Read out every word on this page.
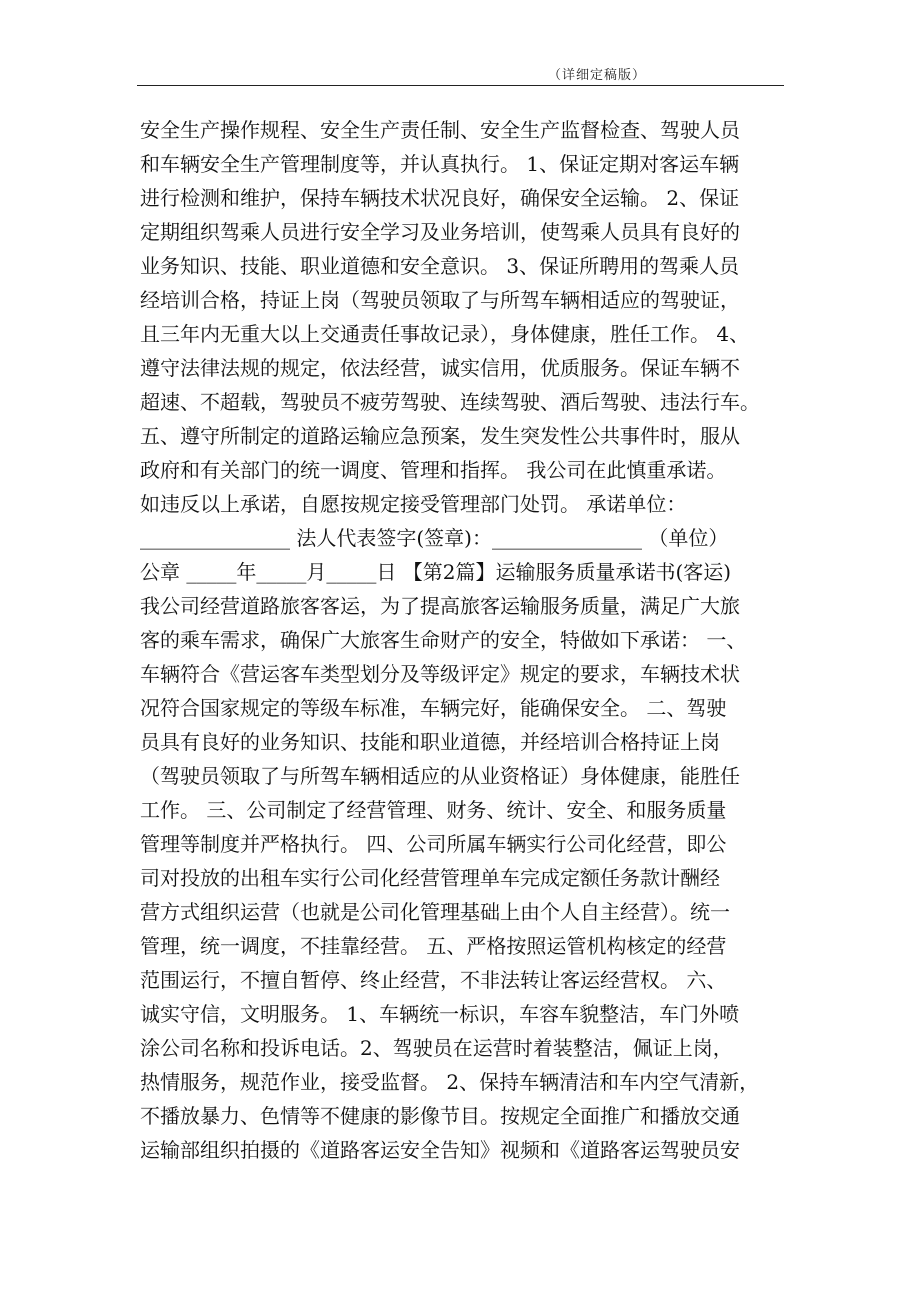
（详细定稿版）
安全生产操作规程、安全生产责任制、安全生产监督检查、驾驶人员
和车辆安全生产管理制度等，并认真执行。 1、保证定期对客运车辆
进行检测和维护，保持车辆技术状况良好，确保安全运输。 2、保证
定期组织驾乘人员进行安全学习及业务培训，使驾乘人员具有良好的
业务知识、技能、职业道德和安全意识。 3、保证所聘用的驾乘人员
经培训合格，持证上岗（驾驶员领取了与所驾车辆相适应的驾驶证，
且三年内无重大以上交通责任事故记录），身体健康，胜任工作。 4、
遵守法律法规的规定，依法经营，诚实信用，优质服务。保证车辆不
超速、不超载，驾驶员不疲劳驾驶、连续驾驶、酒后驾驶、违法行车。
五、遵守所制定的道路运输应急预案，发生突发性公共事件时，服从
政府和有关部门的统一调度、管理和指挥。 我公司在此慎重承诺。
如违反以上承诺，自愿按规定接受管理部门处罚。 承诺单位：
_______________ 法人代表签字(签章)：_______________ （单位）
公章 _____年_____月_____日 【第2篇】运输服务质量承诺书(客运)
我公司经营道路旅客客运，为了提高旅客运输服务质量，满足广大旅
客的乘车需求，确保广大旅客生命财产的安全，特做如下承诺： 一、
车辆符合《营运客车类型划分及等级评定》规定的要求，车辆技术状
况符合国家规定的等级车标准，车辆完好，能确保安全。 二、驾驶
员具有良好的业务知识、技能和职业道德，并经培训合格持证上岗
（驾驶员领取了与所驾车辆相适应的从业资格证）身体健康，能胜任
工作。 三、公司制定了经营管理、财务、统计、安全、和服务质量
管理等制度并严格执行。 四、公司所属车辆实行公司化经营，即公
司对投放的出租车实行公司化经营管理单车完成定额任务款计酬经
营方式组织运营（也就是公司化管理基础上由个人自主经营）。统一
管理，统一调度，不挂靠经营。 五、严格按照运管机构核定的经营
范围运行，不擅自暂停、终止经营，不非法转让客运经营权。 六、
诚实守信，文明服务。 1、车辆统一标识，车容车貌整洁，车门外喷
涂公司名称和投诉电话。2、驾驶员在运营时着装整洁，佩证上岗，
热情服务，规范作业，接受监督。 2、保持车辆清洁和车内空气清新，
不播放暴力、色情等不健康的影像节目。按规定全面推广和播放交通
运输部组织拍摄的《道路客运安全告知》视频和《道路客运驾驶员安
